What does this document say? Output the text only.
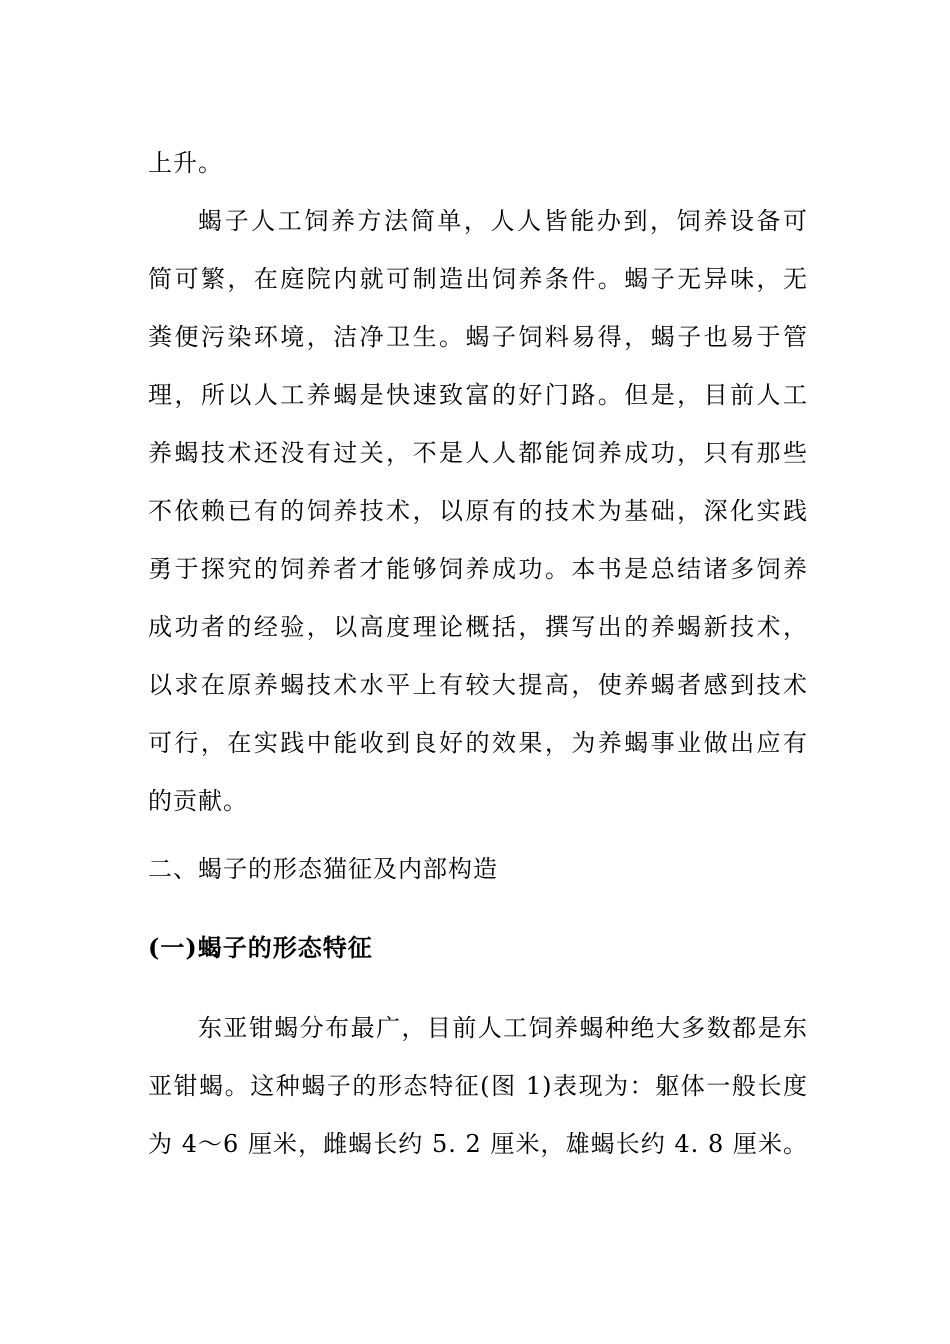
上升。
蝎子人工饲养方法简单，人人皆能办到，饲养设备可
简可繁，在庭院内就可制造出饲养条件。蝎子无异味，无
粪便污染环境，洁净卫生。蝎子饲料易得，蝎子也易于管
理，所以人工养蝎是快速致富的好门路。但是，目前人工
养蝎技术还没有过关，不是人人都能饲养成功，只有那些
不依赖已有的饲养技术，以原有的技术为基础，深化实践
勇于探究的饲养者才能够饲养成功。本书是总结诸多饲养
成功者的经验，以高度理论概括，撰写出的养蝎新技术，
以求在原养蝎技术水平上有较大提高，使养蝎者感到技术
可行，在实践中能收到良好的效果，为养蝎事业做出应有
的贡献。
二、蝎子的形态猫征及内部构造
(一)蝎子的形态特征
东亚钳蝎分布最广，目前人工饲养蝎种绝大多数都是东
亚钳蝎。这种蝎子的形态特征(图 1)表现为：躯体一般长度
为 4～6 厘米，雌蝎长约 5. 2 厘米，雄蝎长约 4. 8 厘米。
